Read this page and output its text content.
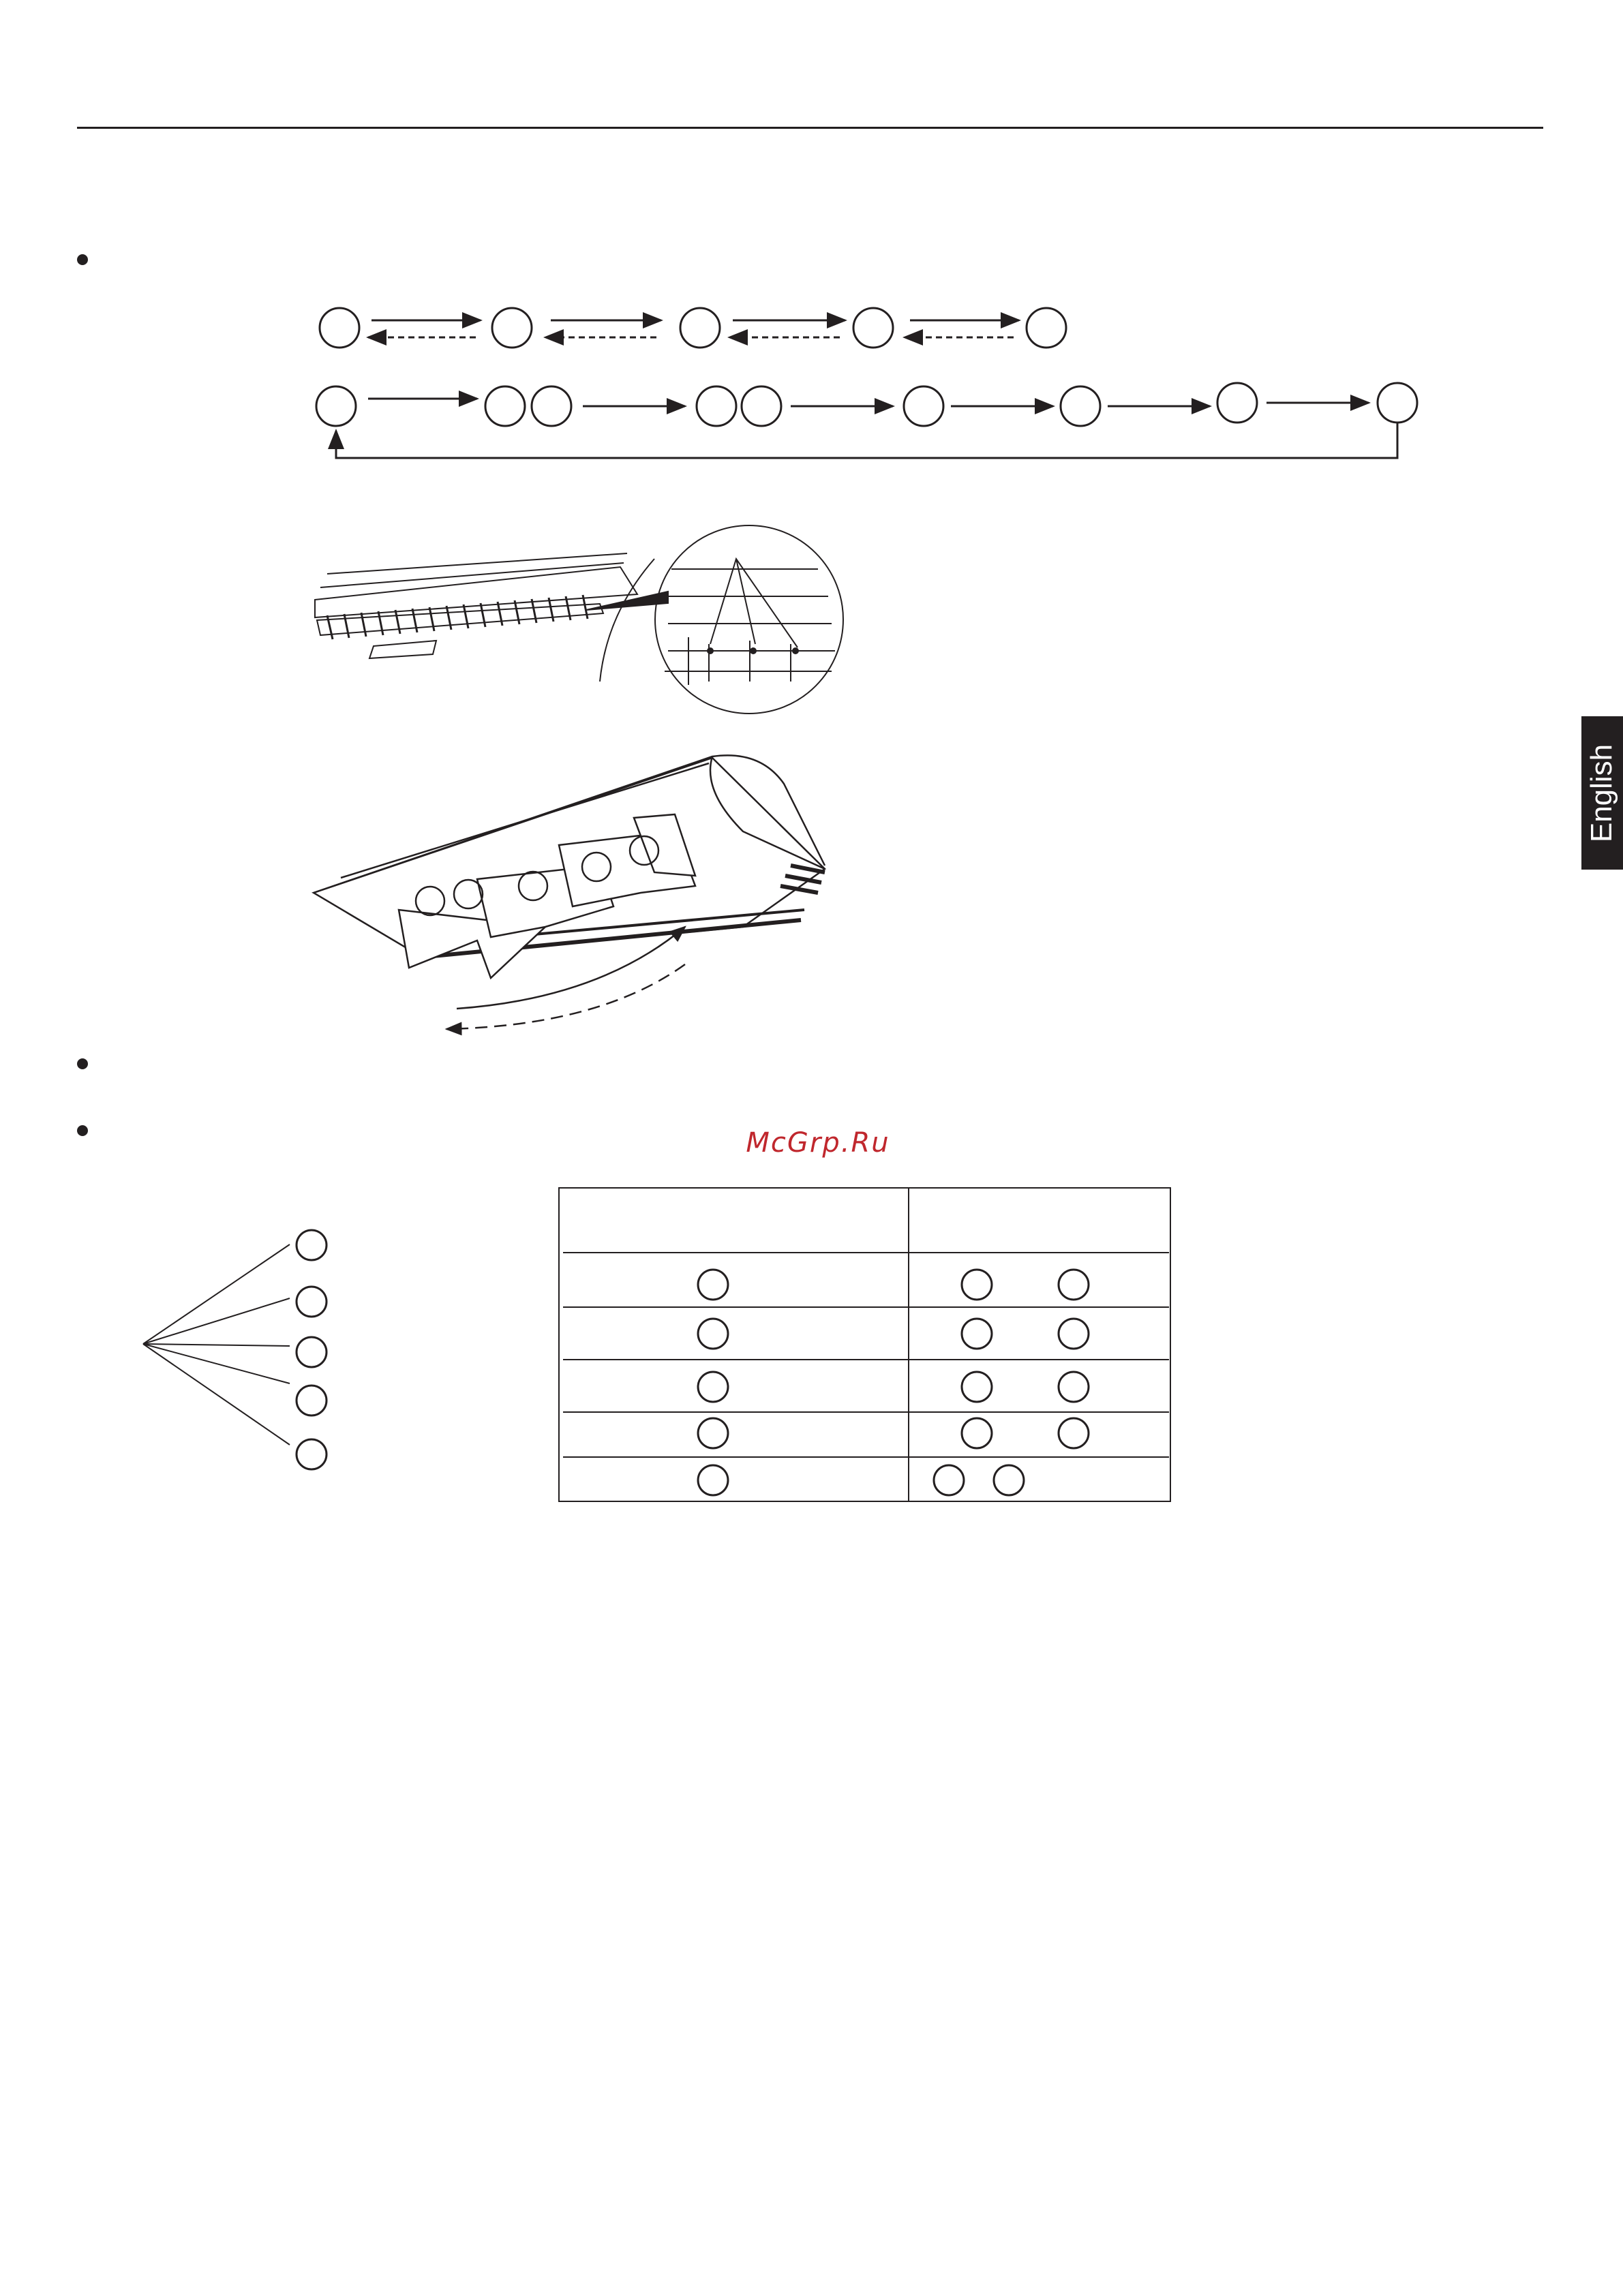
English
McGrp.Ru
